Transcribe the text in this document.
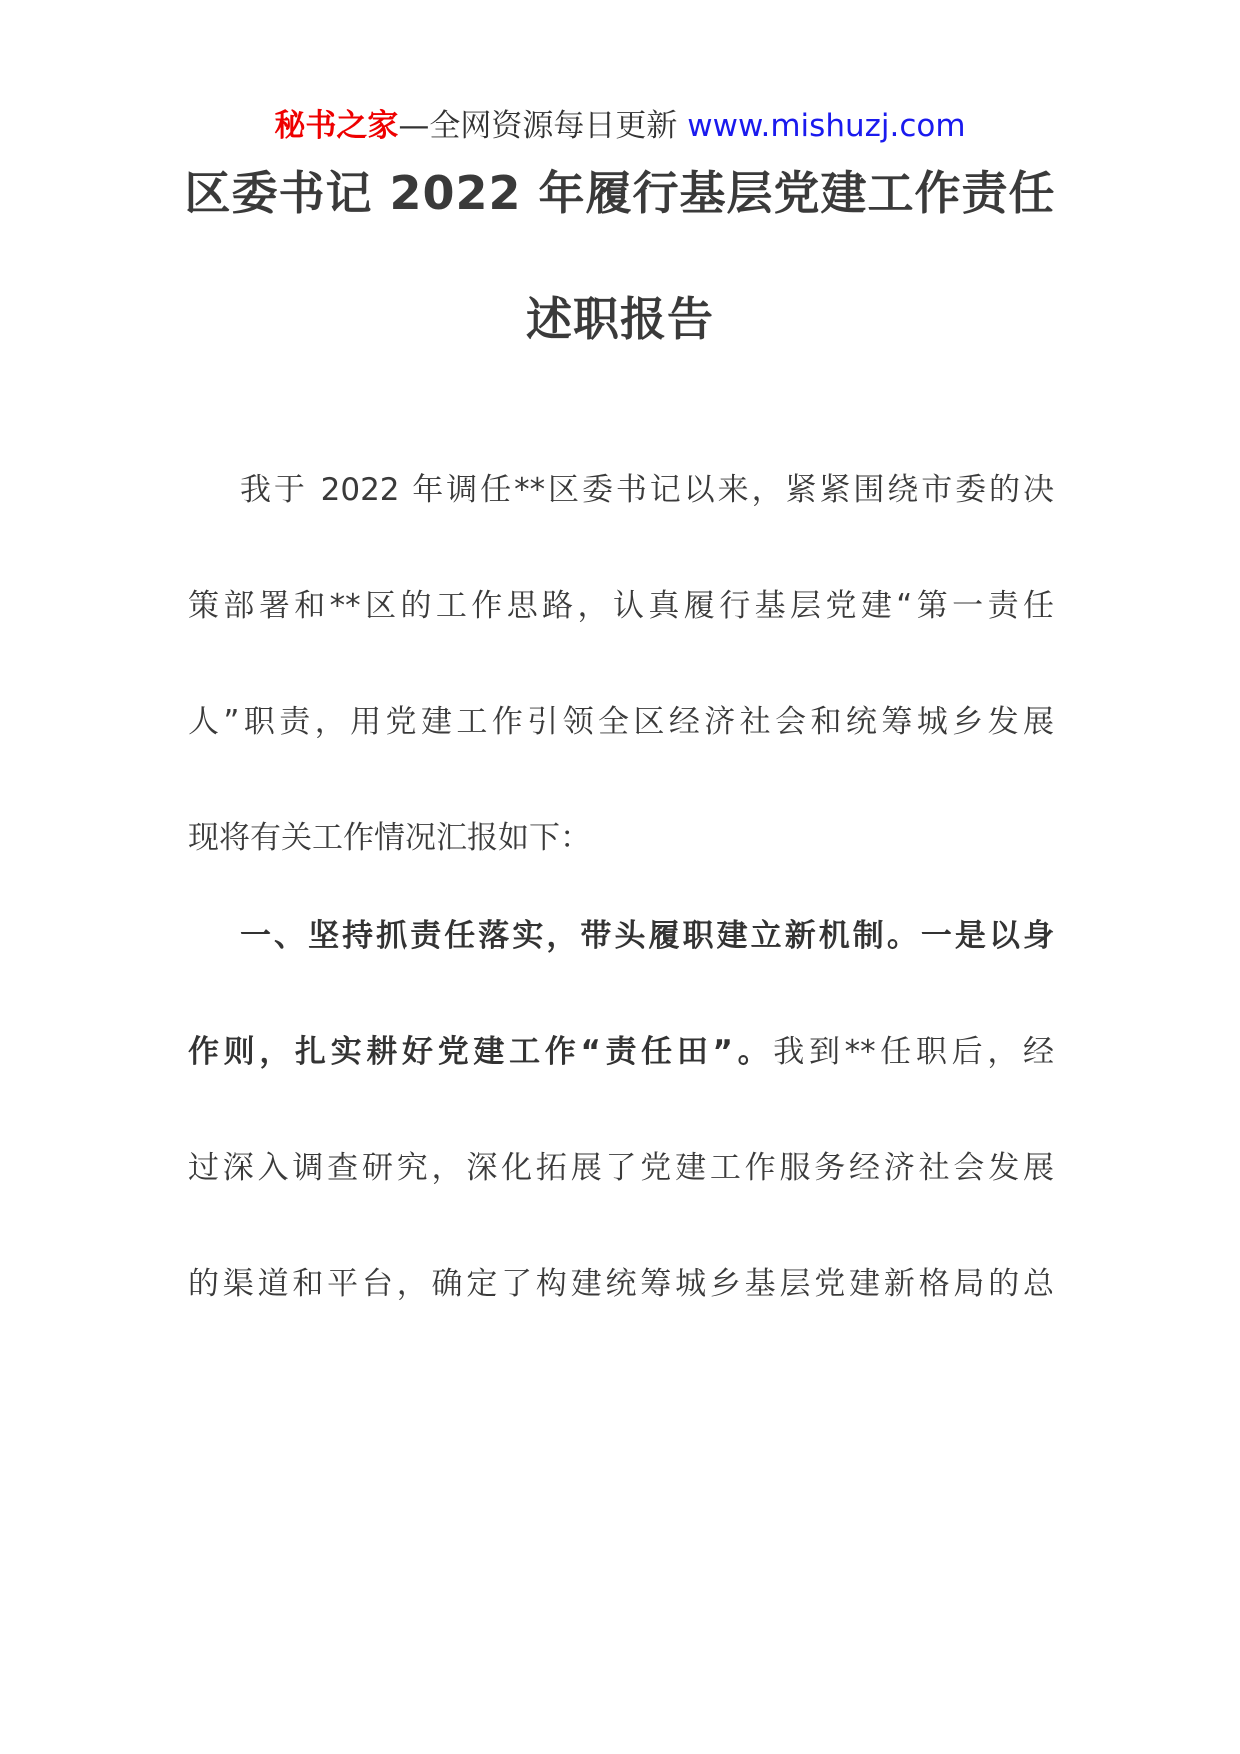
秘书之家—全网资源每日更新 www.mishuzj.com
区委书记 2022 年履行基层党建工作责任
述职报告
我于 2022 年调任**区委书记以来，紧紧围绕市委的决
策部署和**区的工作思路，认真履行基层党建“第一责任
人”职责，用党建工作引领全区经济社会和统筹城乡发展
现将有关工作情况汇报如下：
一、坚持抓责任落实，带头履职建立新机制。一是以身
作则，扎实耕好党建工作“责任田”。我到**任职后，经
过深入调查研究，深化拓展了党建工作服务经济社会发展
的渠道和平台，确定了构建统筹城乡基层党建新格局的总
